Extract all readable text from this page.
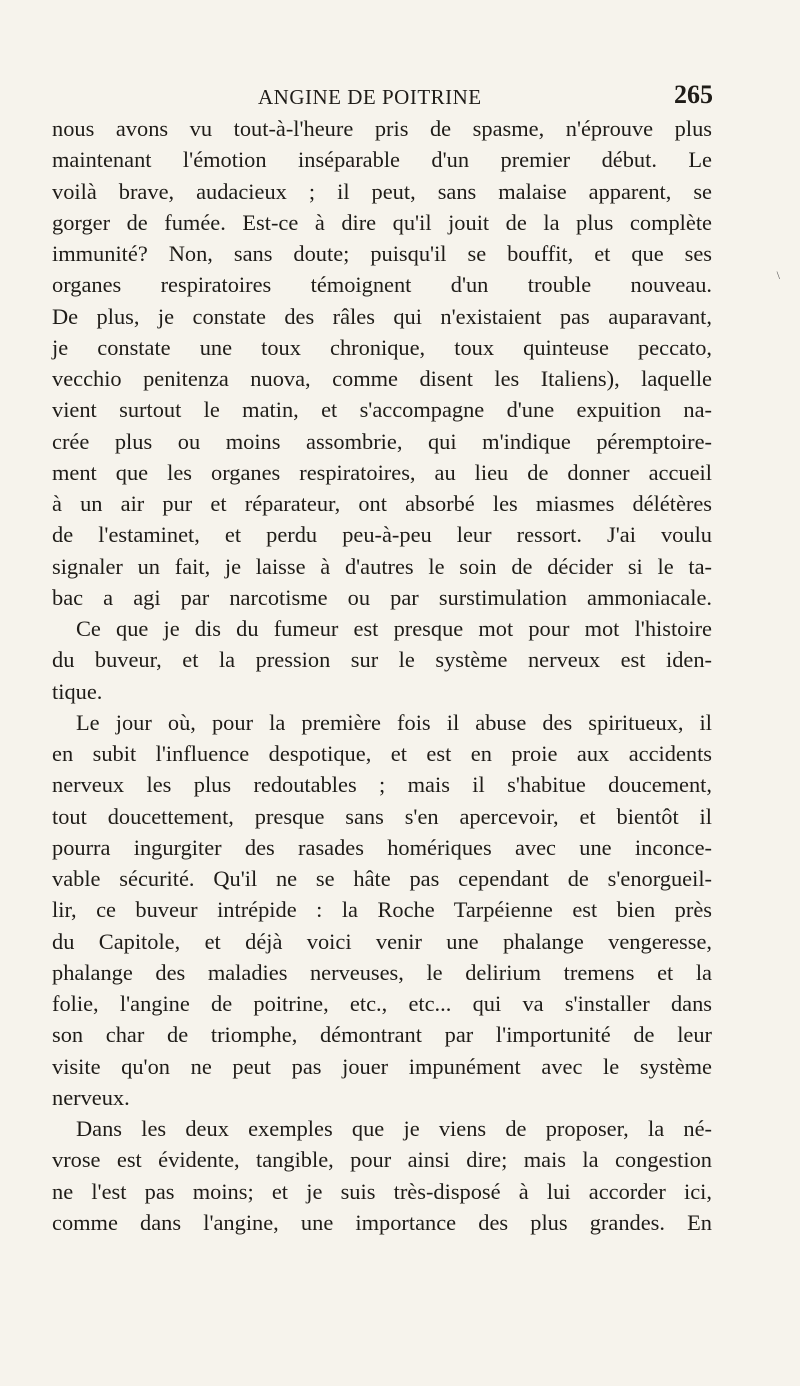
ANGINE DE POITRINE	265
\
nous avons vu tout-à-l'heure pris de spasme, n'éprouve plus
maintenant l'émotion inséparable d'un premier début. Le
voilà brave, audacieux ; il peut, sans malaise apparent, se
gorger de fumée. Est-ce à dire qu'il jouit de la plus complète
immunité? Non, sans doute; puisqu'il se bouffit, et que ses
organes respiratoires témoignent d'un trouble nouveau.
De plus, je constate des râles qui n'existaient pas auparavant,
je constate une toux chronique, toux quinteuse peccato,
vecchio penitenza nuova, comme disent les Italiens), laquelle
vient surtout le matin, et s'accompagne d'une expuition na-
crée plus ou moins assombrie, qui m'indique péremptoire-
ment que les organes respiratoires, au lieu de donner accueil
à un air pur et réparateur, ont absorbé les miasmes délétères
de l'estaminet, et perdu peu-à-peu leur ressort. J'ai voulu
signaler un fait, je laisse à d'autres le soin de décider si le ta-
bac a agi par narcotisme ou par surstimulation ammoniacale.
Ce que je dis du fumeur est presque mot pour mot l'histoire
du buveur, et la pression sur le système nerveux est iden-
tique.
Le jour où, pour la première fois il abuse des spiritueux, il
en subit l'influence despotique, et est en proie aux accidents
nerveux les plus redoutables ; mais il s'habitue doucement,
tout doucettement, presque sans s'en apercevoir, et bientôt il
pourra ingurgiter des rasades homériques avec une inconce-
vable sécurité. Qu'il ne se hâte pas cependant de s'enorgueil-
lir, ce buveur intrépide : la Roche Tarpéienne est bien près
du Capitole, et déjà voici venir une phalange vengeresse,
phalange des maladies nerveuses, le delirium tremens et la
folie, l'angine de poitrine, etc., etc... qui va s'installer dans
son char de triomphe, démontrant par l'importunité de leur
visite qu'on ne peut pas jouer impunément avec le système
nerveux.
Dans les deux exemples que je viens de proposer, la né-
vrose est évidente, tangible, pour ainsi dire; mais la congestion
ne l'est pas moins; et je suis très-disposé à lui accorder ici,
comme dans l'angine, une importance des plus grandes. En
